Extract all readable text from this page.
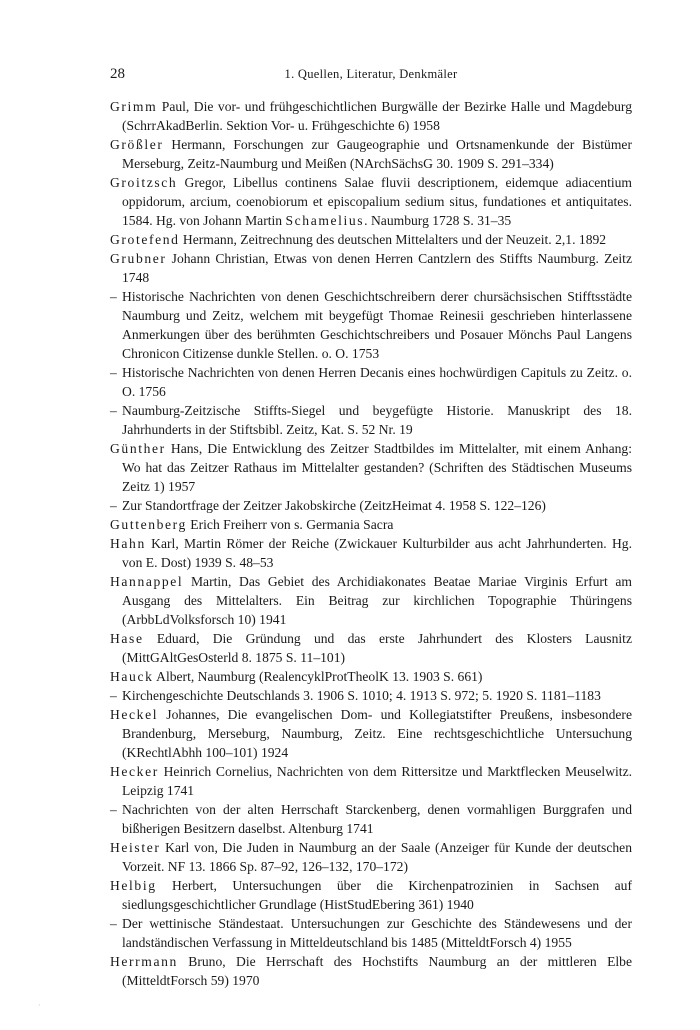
28	1. Quellen, Literatur, Denkmäler

Grimm Paul, Die vor- und frühgeschichtlichen Burgwälle der Bezirke Halle und Magdeburg (SchrrAkadBerlin. Sektion Vor- u. Frühgeschichte 6) 1958

Größler Hermann, Forschungen zur Gaugeographie und Ortsnamenkunde der Bistümer Merseburg, Zeitz-Naumburg und Meißen (NArchSächsG 30. 1909 S. 291–334)

Groitzsch Gregor, Libellus continens Salae fluvii descriptionem, eidemque adiacentium oppidorum, arcium, coenobiorum et episcopalium sedium situs, fundationes et antiquitates. 1584. Hg. von Johann Martin Schamelius. Naumburg 1728 S. 31–35

Grotefend Hermann, Zeitrechnung des deutschen Mittelalters und der Neuzeit. 2,1. 1892

Grubner Johann Christian, Etwas von denen Herren Cantzlern des Stiffts Naumburg. Zeitz 1748

– Historische Nachrichten von denen Geschichtschreibern derer chursächsischen Stifftsstädte Naumburg und Zeitz, welchem mit beygefügt Thomae Reinesii geschrieben hinterlassene Anmerkungen über des berühmten Geschichtschreibers und Posauer Mönchs Paul Langens Chronicon Citizense dunkle Stellen. o. O. 1753

– Historische Nachrichten von denen Herren Decanis eines hochwürdigen Capituls zu Zeitz. o. O. 1756

– Naumburg-Zeitzische Stiffts-Siegel und beygefügte Historie. Manuskript des 18. Jahrhunderts in der Stiftsbibl. Zeitz, Kat. S. 52 Nr. 19

Günther Hans, Die Entwicklung des Zeitzer Stadtbildes im Mittelalter, mit einem Anhang: Wo hat das Zeitzer Rathaus im Mittelalter gestanden? (Schriften des Städtischen Museums Zeitz 1) 1957

– Zur Standortfrage der Zeitzer Jakobskirche (ZeitzHeimat 4. 1958 S. 122–126)

Guttenberg Erich Freiherr von s. Germania Sacra

Hahn Karl, Martin Römer der Reiche (Zwickauer Kulturbilder aus acht Jahrhunderten. Hg. von E. Dost) 1939 S. 48–53

Hannappel Martin, Das Gebiet des Archidiakonates Beatae Mariae Virginis Erfurt am Ausgang des Mittelalters. Ein Beitrag zur kirchlichen Topographie Thüringens (ArbbLdVolksforsch 10) 1941

Hase Eduard, Die Gründung und das erste Jahrhundert des Klosters Lausnitz (MittGAltGesOsterld 8. 1875 S. 11–101)

Hauck Albert, Naumburg (RealencyklProtTheolK 13. 1903 S. 661)

– Kirchengeschichte Deutschlands 3. 1906 S. 1010; 4. 1913 S. 972; 5. 1920 S. 1181–1183

Heckel Johannes, Die evangelischen Dom- und Kollegiatstifter Preußens, insbesondere Brandenburg, Merseburg, Naumburg, Zeitz. Eine rechtsgeschichtliche Untersuchung (KRechtlAbhh 100–101) 1924

Hecker Heinrich Cornelius, Nachrichten von dem Rittersitze und Marktflecken Meuselwitz. Leipzig 1741

– Nachrichten von der alten Herrschaft Starckenberg, denen vormahligen Burggrafen und bißherigen Besitzern daselbst. Altenburg 1741

Heister Karl von, Die Juden in Naumburg an der Saale (Anzeiger für Kunde der deutschen Vorzeit. NF 13. 1866 Sp. 87–92, 126–132, 170–172)

Helbig Herbert, Untersuchungen über die Kirchenpatrozinien in Sachsen auf siedlungsgeschichtlicher Grundlage (HistStudEbering 361) 1940

– Der wettinische Ständestaat. Untersuchungen zur Geschichte des Ständewesens und der landständischen Verfassung in Mitteldeutschland bis 1485 (MitteldtForsch 4) 1955

Herrmann Bruno, Die Herrschaft des Hochstifts Naumburg an der mittleren Elbe (MitteldtForsch 59) 1970

·
